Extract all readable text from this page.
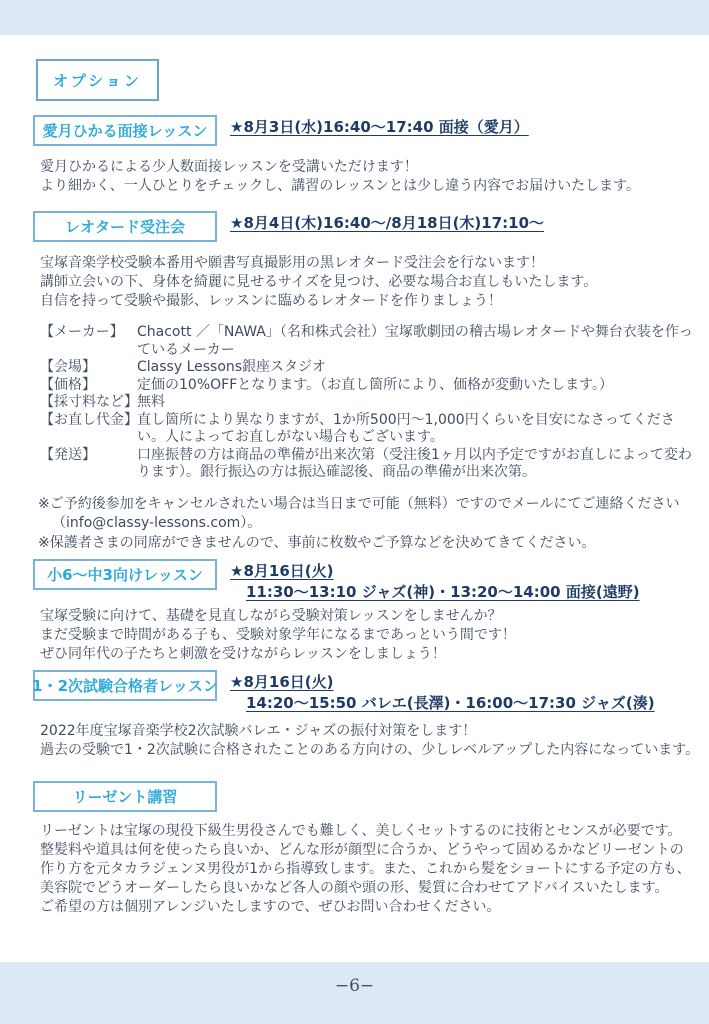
オプション
愛月ひかる面接レッスン ★8月3日(水)16:40〜17:40 面接（愛月）
愛月ひかるによる少人数面接レッスンを受講いただけます！
より細かく、一人ひとりをチェックし、講習のレッスンとは少し違う内容でお届けいたします。
レオタード受注会	★8月4日(木)16:40〜/8月18日(木)17:10〜
宝塚音楽学校受験本番用や願書写真撮影用の黒レオタード受注会を行ないます！
講師立会いの下、身体を綺麗に見せるサイズを見つけ、必要な場合お直しもいたします。
自信を持って受験や撮影、レッスンに臨めるレオタードを作りましょう！
【メーカー】 Chacott ／「NAWA」（名和株式会社）宝塚歌劇団の稽古場レオタードや舞台衣装を作っているメーカー
【会場】	Classy Lessons銀座スタジオ
【価格】	定価の10%OFFとなります。（お直し箇所により、価格が変動いたします。）
【採寸料など】 無料
【お直し代金】 直し箇所により異なりますが、1か所500円〜1,000円くらいを目安になさってください。人によってお直しがない場合もございます。
【発送】	口座振替の方は商品の準備が出来次第（受注後1ヶ月以内予定ですがお直しによって変わります）。銀行振込の方は振込確認後、商品の準備が出来次第。
※ご予約後参加をキャンセルされたい場合は当日まで可能（無料）ですのでメールにてご連絡ください（info@classy-lessons.com）。
※保護者さまの同席ができませんので、事前に枚数やご予算などを決めてきてください。
小6〜中3向けレッスン ★8月16日(火)
11:30〜13:10 ジャズ(神)・13:20〜14:00 面接(遠野)
宝塚受験に向けて、基礎を見直しながら受験対策レッスンをしませんか？
まだ受験まで時間がある子も、受験対象学年になるまであっという間です！
ぜひ同年代の子たちと刺激を受けながらレッスンをしましょう！
1・2次試験合格者レッスン ★8月16日(火)
14:20〜15:50 バレエ(長澤)・16:00〜17:30 ジャズ(湊)
2022年度宝塚音楽学校2次試験バレエ・ジャズの振付対策をします！
過去の受験で1・2次試験に合格されたことのある方向けの、少しレベルアップした内容になっています。
リーゼント講習
リーゼントは宝塚の現役下級生男役さんでも難しく、美しくセットするのに技術とセンスが必要です。
整髪料や道具は何を使ったら良いか、どんな形が顔型に合うか、どうやって固めるかなどリーゼントの
作り方を元タカラジェンヌ男役が1から指導致します。また、これから髪をショートにする予定の方も、
美容院でどうオーダーしたら良いかなど各人の顔や頭の形、髪質に合わせてアドバイスいたします。
ご希望の方は個別アレンジいたしますので、ぜひお問い合わせください。
−6−
